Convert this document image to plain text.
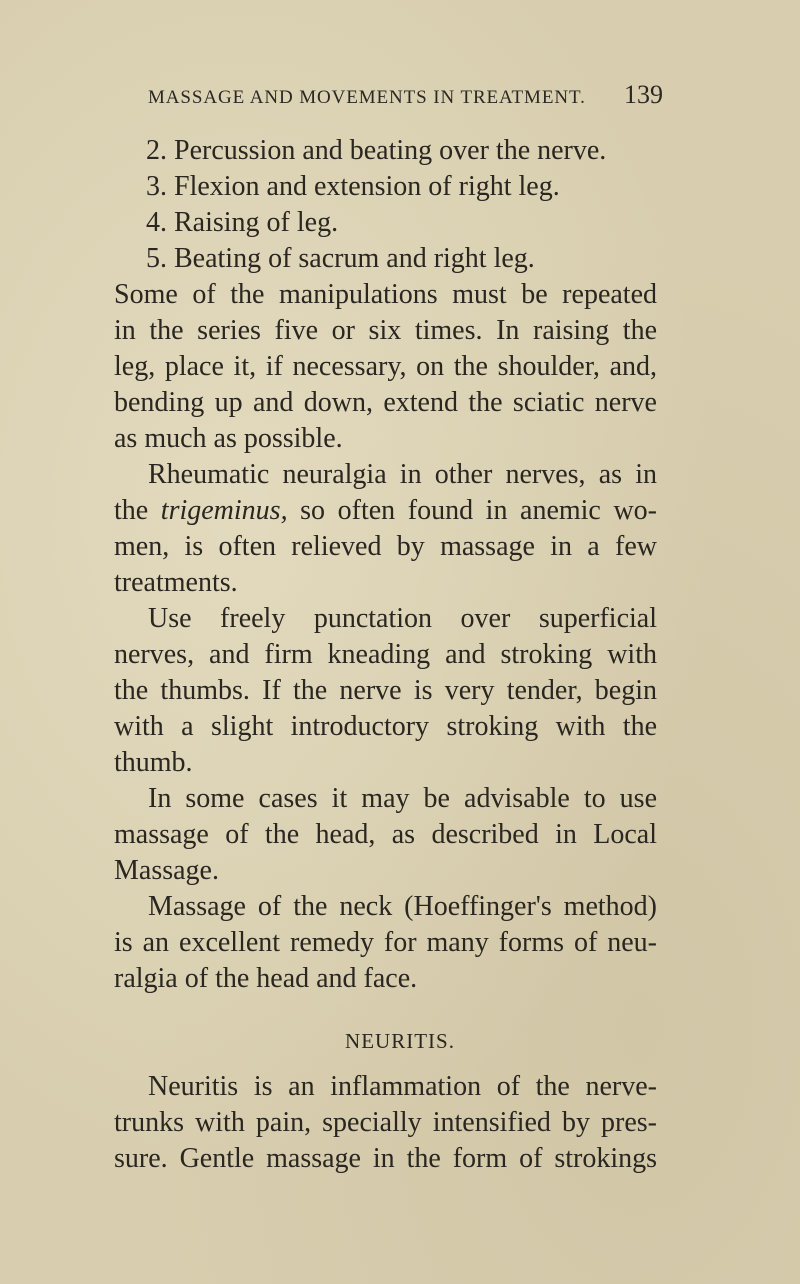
MASSAGE AND MOVEMENTS IN TREATMENT. 139
2. Percussion and beating over the nerve.
3. Flexion and extension of right leg.
4. Raising of leg.
5. Beating of sacrum and right leg.
Some of the manipulations must be repeated
in the series five or six times. In raising the
leg, place it, if necessary, on the shoulder, and,
bending up and down, extend the sciatic nerve
as much as possible.
Rheumatic neuralgia in other nerves, as in
the trigeminus, so often found in anemic wo-
men, is often relieved by massage in a few
treatments.
Use freely punctation over superficial
nerves, and firm kneading and stroking with
the thumbs. If the nerve is very tender, begin
with a slight introductory stroking with the
thumb.
In some cases it may be advisable to use
massage of the head, as described in Local
Massage.
Massage of the neck (Hoeffinger's method)
is an excellent remedy for many forms of neu-
ralgia of the head and face.
NEURITIS.
Neuritis is an inflammation of the nerve-
trunks with pain, specially intensified by pres-
sure. Gentle massage in the form of strokings
